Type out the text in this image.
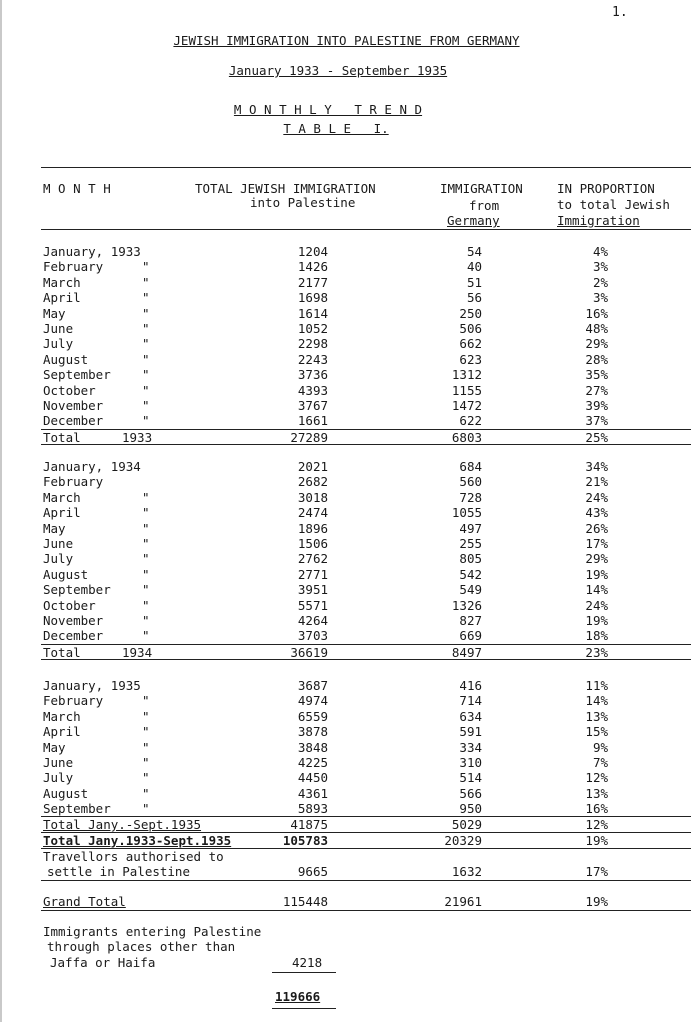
1.
JEWISH IMMIGRATION INTO PALESTINE FROM GERMANY
January 1933 - September 1935
M O N T H L Y   T R E N D
T A B L E   I.
M O N T H	TOTAL JEWISH IMMIGRATION
into Palestine
IMMIGRATION
from
Germany
IN PROPORTION
to total Jewish
Immigration
January, 1933	1204	54	4%
February	"	1426	40	3%
March	"	2177	51	2%
April	"	1698	56	3%
May	"	1614	250	16%
June	"	1052	506	48%
July	"	2298	662	29%
August	"	2243	623	28%
September	"	3736	1312	35%
October	"	4393	1155	27%
November	"	3767	1472	39%
December	"	1661	622	37%
Total	1933	27289	6803	25%
January, 1934	2021	684	34%
February	2682	560	21%
March	"	3018	728	24%
April	"	2474	1055	43%
May	"	1896	497	26%
June	"	1506	255	17%
July	"	2762	805	29%
August	"	2771	542	19%
September	"	3951	549	14%
October	"	5571	1326	24%
November	"	4264	827	19%
December	"	3703	669	18%
Total	1934	36619	8497	23%
January, 1935	3687	416	11%
February	"	4974	714	14%
March	"	6559	634	13%
April	"	3878	591	15%
May	"	3848	334	9%
June	"	4225	310	7%
July	"	4450	514	12%
August	"	4361	566	13%
September	"	5893	950	16%
Total Jany.-Sept.1935	41875	5029	12%
Total Jany.1933-Sept.1935	105783	20329	19%
Travellors authorised to
settle in Palestine	9665	1632	17%
Grand Total	115448	21961	19%
Immigrants entering Palestine
through places other than
Jaffa or Haifa	4218
119666
